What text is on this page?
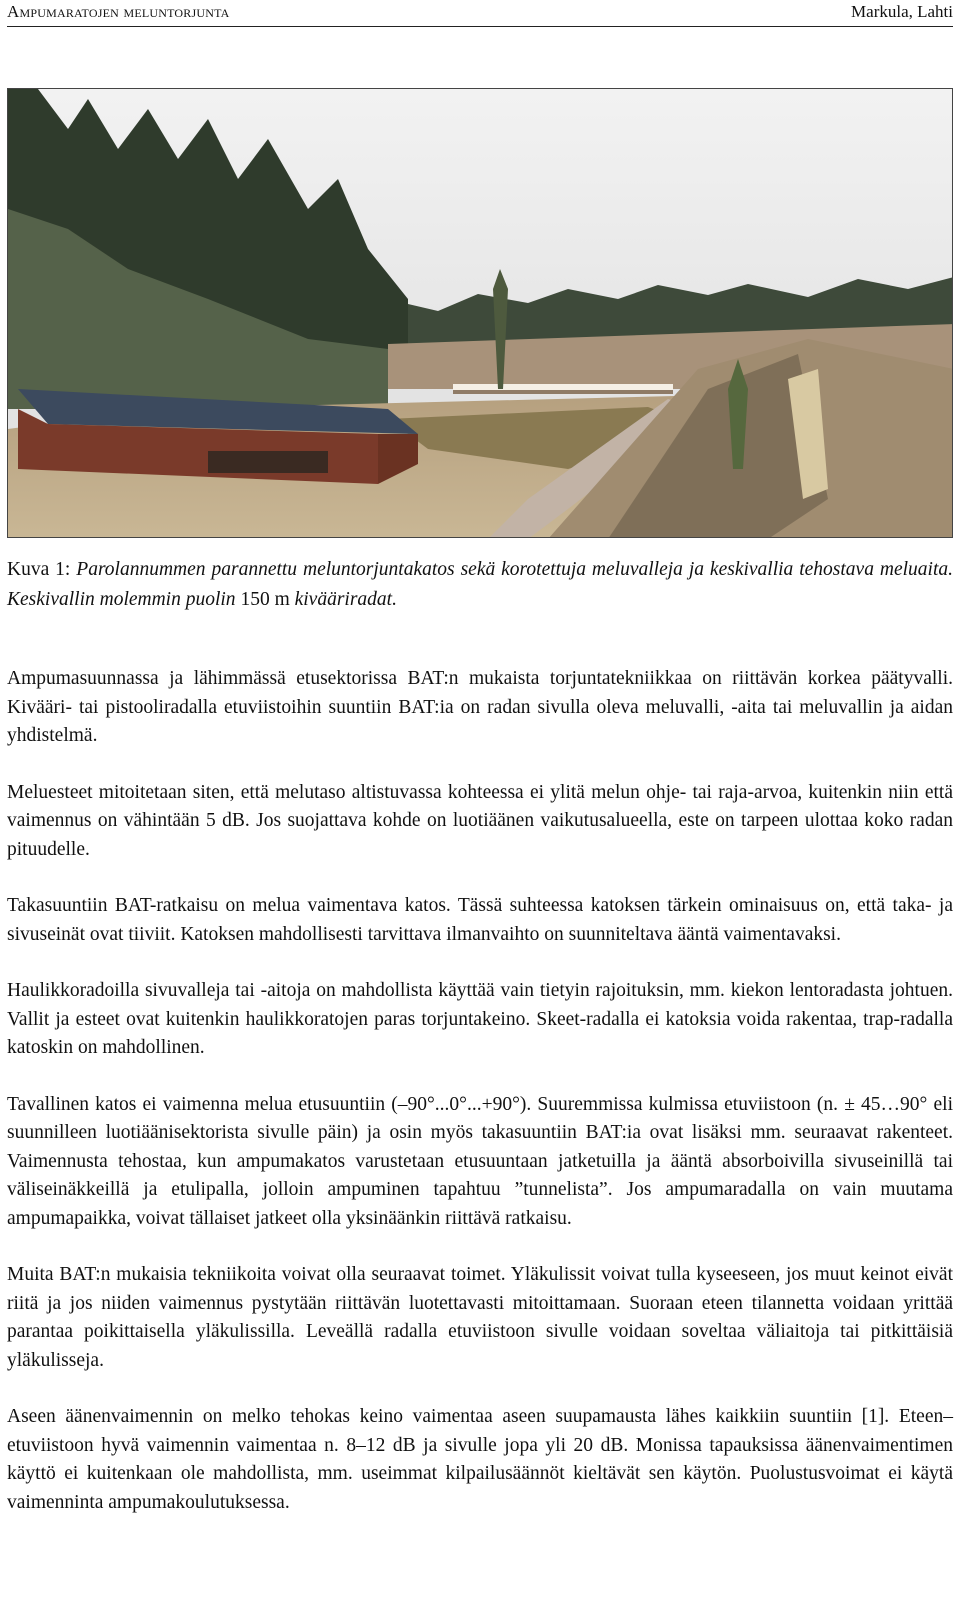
Ampumaratojen meluntorjunta	Markula, Lahti
Kuva 1: Parolannummen parannettu meluntorjuntakatos sekä korotettuja meluvalleja ja keskivallia tehostava meluaita. Keskivallin molemmin puolin 150 m kivääriradat.

Ampumasuunnassa ja lähimmässä etusektorissa BAT:n mukaista torjuntatekniikkaa on riittävän korkea päätyvalli. Kivääri- tai pistooliradalla etuviistoihin suuntiin BAT:ia on radan sivulla oleva meluvalli, -aita tai meluvallin ja aidan yhdistelmä.

Meluesteet mitoitetaan siten, että melutaso altistuvassa kohteessa ei ylitä melun ohje- tai raja-arvoa, kuitenkin niin että vaimennus on vähintään 5 dB. Jos suojattava kohde on luotiäänen vaikutusalueella, este on tarpeen ulottaa koko radan pituudelle.

Takasuuntiin BAT-ratkaisu on melua vaimentava katos. Tässä suhteessa katoksen tärkein ominaisuus on, että taka- ja sivuseinät ovat tiiviit. Katoksen mahdollisesti tarvittava ilmanvaihto on suunniteltava ääntä vaimentavaksi.

Haulikkoradoilla sivuvalleja tai -aitoja on mahdollista käyttää vain tietyin rajoituksin, mm. kiekon lentoradasta johtuen. Vallit ja esteet ovat kuitenkin haulikkoratojen paras torjuntakeino. Skeet-radalla ei katoksia voida rakentaa, trap-radalla katoskin on mahdollinen.

Tavallinen katos ei vaimenna melua etusuuntiin (–90°...0°...+90°). Suuremmissa kulmissa etuviistoon (n. ± 45…90° eli suunnilleen luotiäänisektorista sivulle päin) ja osin myös takasuuntiin BAT:ia ovat lisäksi mm. seuraavat rakenteet. Vaimennusta tehostaa, kun ampumakatos varustetaan etusuuntaan jatketuilla ja ääntä absorboivilla sivuseinillä tai väliseinäkkeillä ja etulipalla, jolloin ampuminen tapahtuu ”tunnelista”. Jos ampumaradalla on vain muutama ampumapaikka, voivat tällaiset jatkeet olla yksinäänkin riittävä ratkaisu.

Muita BAT:n mukaisia tekniikoita voivat olla seuraavat toimet. Yläkulissit voivat tulla kyseeseen, jos muut keinot eivät riitä ja jos niiden vaimennus pystytään riittävän luotettavasti mitoittamaan. Suoraan eteen tilannetta voidaan yrittää parantaa poikittaisella yläkulissilla. Leveällä radalla etuviistoon sivulle voidaan soveltaa väliaitoja tai pitkittäisiä yläkulisseja.

Aseen äänenvaimennin on melko tehokas keino vaimentaa aseen suupamausta lähes kaikkiin suuntiin [1]. Eteen–etuviistoon hyvä vaimennin vaimentaa n. 8–12 dB ja sivulle jopa yli 20 dB. Monissa tapauksissa äänenvaimentimen käyttö ei kuitenkaan ole mahdollista, mm. useimmat kilpailusäännöt kieltävät sen käytön. Puolustusvoimat ei käytä vaimenninta ampumakoulutuksessa.
